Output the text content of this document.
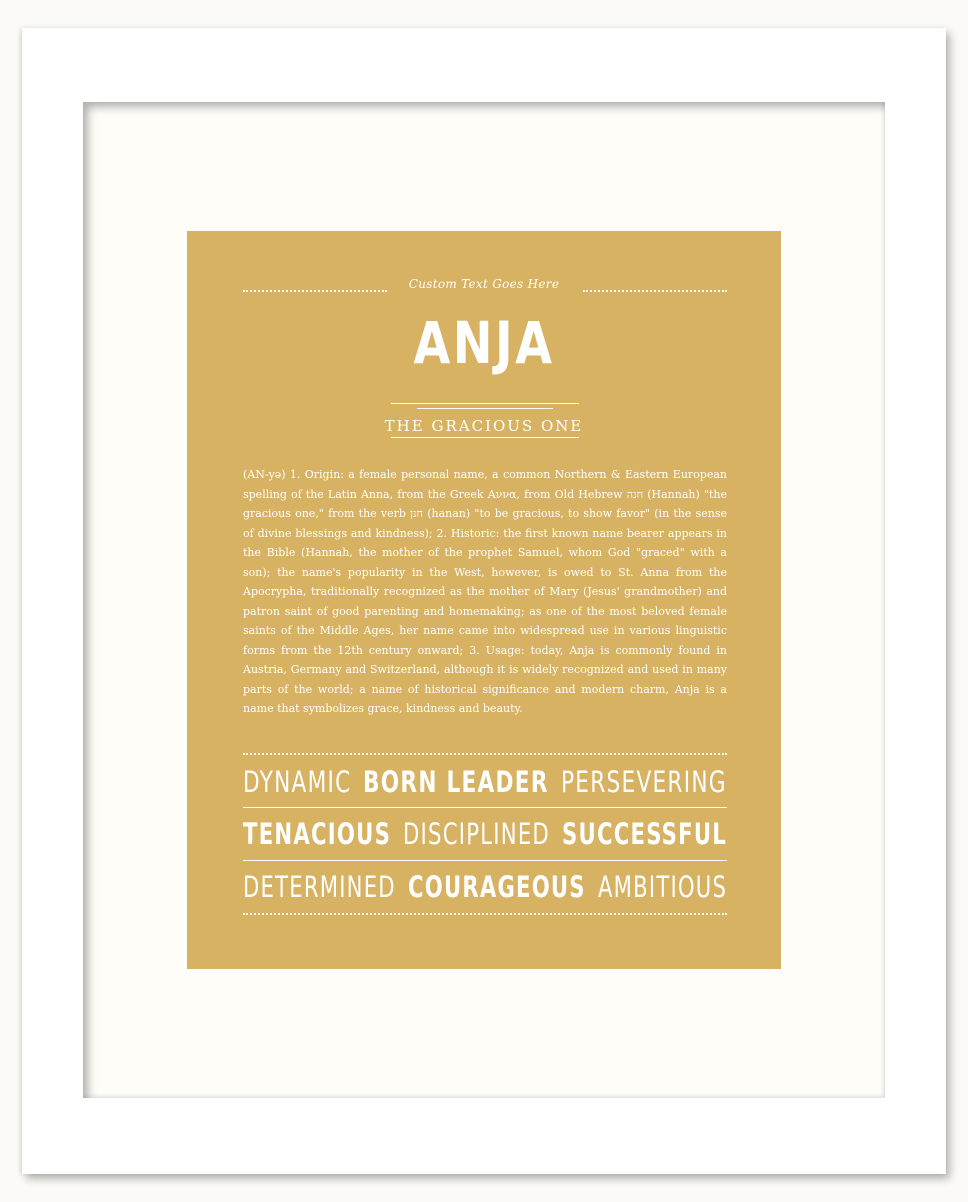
Custom Text Goes Here
ANJA
THE GRACIOUS ONE

(AN-yə) 1. Origin: a female personal name, a common Northern & Eastern European spelling of the Latin Anna, from the Greek Αννα, from Old Hebrew חנה (Hannah) "the gracious one," from the verb חנן (hanan) "to be gracious, to show favor" (in the sense of divine blessings and kindness); 2. Historic: the first known name bearer appears in the Bible (Hannah, the mother of the prophet Samuel, whom God "graced" with a son); the name's popularity in the West, however, is owed to St. Anna from the Apocrypha, traditionally recognized as the mother of Mary (Jesus' grandmother) and patron saint of good parenting and homemaking; as one of the most beloved female saints of the Middle Ages, her name came into widespread use in various linguistic forms from the 12th century onward; 3. Usage: today, Anja is commonly found in Austria, Germany and Switzerland, although it is widely recognized and used in many parts of the world; a name of historical significance and modern charm, Anja is a name that symbolizes grace, kindness and beauty.

DYNAMIC BORN LEADER PERSEVERING
TENACIOUS DISCIPLINED SUCCESSFUL
DETERMINED COURAGEOUS AMBITIOUS
